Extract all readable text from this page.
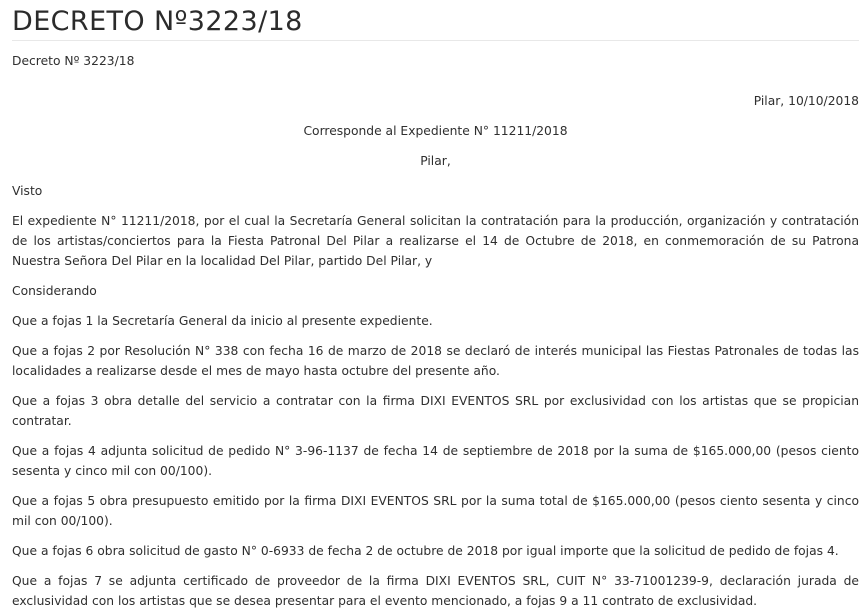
DECRETO Nº3223/18

Decreto Nº 3223/18

Pilar, 10/10/2018

Corresponde al Expediente N° 11211/2018

Pilar,

Visto

El expediente N° 11211/2018, por el cual la Secretaría General solicitan la contratación para la producción, organización y contratación de los artistas/conciertos para la Fiesta Patronal Del Pilar a realizarse el 14 de Octubre de 2018, en conmemoración de su Patrona Nuestra Señora Del Pilar en la localidad Del Pilar, partido Del Pilar, y

Considerando

Que a fojas 1 la Secretaría General da inicio al presente expediente.

Que a fojas 2 por Resolución N° 338 con fecha 16 de marzo de 2018 se declaró de interés municipal las Fiestas Patronales de todas las localidades a realizarse desde el mes de mayo hasta octubre del presente año.

Que a fojas 3 obra detalle del servicio a contratar con la firma DIXI EVENTOS SRL por exclusividad con los artistas que se propician contratar.

Que a fojas 4 adjunta solicitud de pedido N° 3-96-1137 de fecha 14 de septiembre de 2018 por la suma de $165.000,00 (pesos ciento sesenta y cinco mil con 00/100).

Que a fojas 5 obra presupuesto emitido por la firma DIXI EVENTOS SRL por la suma total de $165.000,00 (pesos ciento sesenta y cinco mil con 00/100).

Que a fojas 6 obra solicitud de gasto N° 0-6933 de fecha 2 de octubre de 2018 por igual importe que la solicitud de pedido de fojas 4.

Que a fojas 7 se adjunta certificado de proveedor de la firma DIXI EVENTOS SRL, CUIT N° 33-71001239-9, declaración jurada de exclusividad con los artistas que se desea presentar para el evento mencionado, a fojas 9 a 11 contrato de exclusividad.
